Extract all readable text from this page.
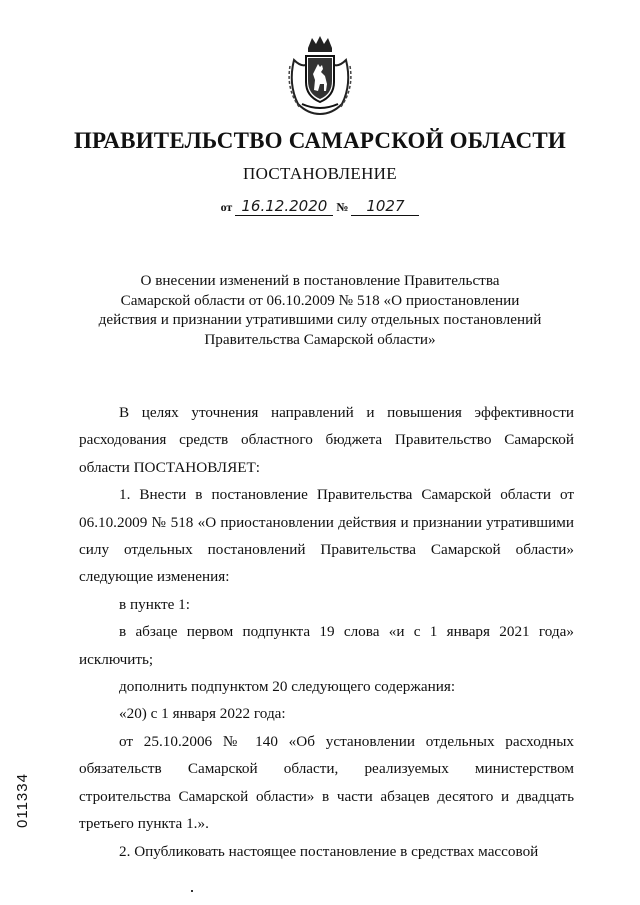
ПРАВИТЕЛЬСТВО САМАРСКОЙ ОБЛАСТИ
ПОСТАНОВЛЕНИЕ
от 16.12.2020 № 1027
О внесении изменений в постановление Правительства
Самарской области от 06.10.2009 № 518 «О приостановлении
действия и признании утратившими силу отдельных постановлений
Правительства Самарской области»

В целях уточнения направлений и повышения эффективности расходования средств областного бюджета Правительство Самарской области ПОСТАНОВЛЯЕТ:

1. Внести в постановление Правительства Самарской области от 06.10.2009 № 518 «О приостановлении действия и признании утратившими силу отдельных постановлений Правительства Самарской области» следующие изменения:

в пункте 1:

в абзаце первом подпункта 19 слова «и с 1 января 2021 года» исключить;

дополнить подпунктом 20 следующего содержания:

«20) с 1 января 2022 года:

от 25.10.2006 № 140 «Об установлении отдельных расходных обязательств Самарской области, реализуемых министерством строительства Самарской области» в части абзацев десятого и двадцать третьего пункта 1.».

2. Опубликовать настоящее постановление в средствах массовой

011334
